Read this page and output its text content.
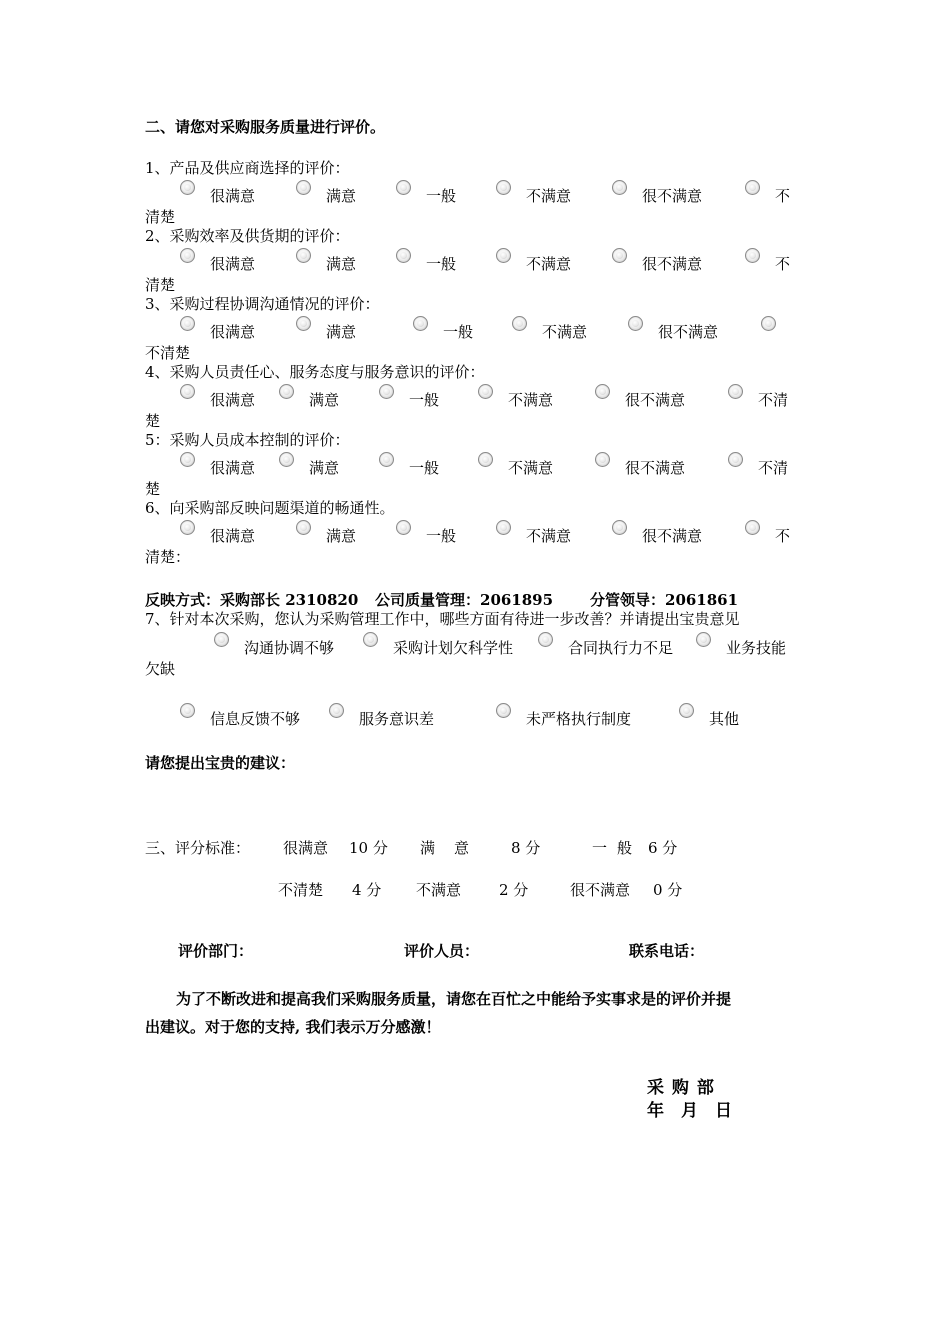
二、请您对采购服务质量进行评价。
1、产品及供应商选择的评价：
很满意	满意	一般	不满意	很不满意	不
清楚
2、采购效率及供货期的评价：
很满意	满意	一般	不满意	很不满意	不
清楚
3、采购过程协调沟通情况的评价：
很满意	满意	一般	不满意	很不满意
不清楚
4、采购人员责任心、服务态度与服务意识的评价：
很满意	满意	一般	不满意	很不满意	不清
楚
5：采购人员成本控制的评价：
很满意	满意	一般	不满意	很不满意	不清
楚
6、向采购部反映问题渠道的畅通性。
很满意	满意	一般	不满意	很不满意	不
清楚：
反映方式：采购部长 2310820 公司质量管理：2061895 分管领导：2061861
7、针对本次采购，您认为采购管理工作中，哪些方面有待进一步改善？并请提出宝贵意见
沟通协调不够	采购计划欠科学性	合同执行力不足	业务技能
欠缺
信息反馈不够	服务意识差	未严格执行制度	其他
请您提出宝贵的建议：
三、评分标准： 很满意 10 分 满 意	8 分	一 般 6 分
不清楚 4 分 不满意	2 分	很不满意 0 分
评价部门：	评价人员：	联系电话：
为了不断改进和提高我们采购服务质量，请您在百忙之中能给予实事求是的评价并提
出建议。对于您的支持, 我们表示万分感激！
采 购 部
年　月　日
